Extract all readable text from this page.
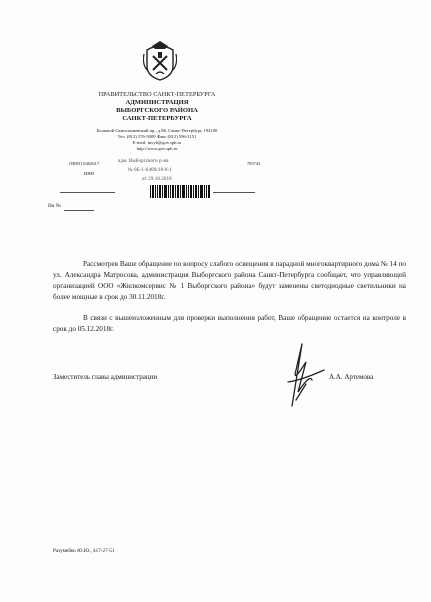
ПРАВИТЕЛЬСТВО САНКТ-ПЕТЕРБУРГА
АДМИНИСТРАЦИЯ
ВЫБОРГСКОГО РАЙОНА
САНКТ-ПЕТЕРБУРГА
Большой Сампсониевский пр., д.86, Санкт-Петербург, 194100
Тел. (812) 576-5009 Факс (812) 596-2151
E-mail: tuvyb@gov.spb.ru
http://www.gov.spb.ru
ОКПО 0402617	783743
ИНН
адм. Выборгского р-на
№ 0Б-1-6400/18-0-1
от 29.10.2018
На №
Рассмотрев Ваше обращение по вопросу слабого освещения в парадной многоквартирного дома № 14 по ул. Александра Матросова, администрация Выборгского района Санкт-Петербурга сообщает, что управляющей организацией ООО «Жилкомсервис № 1 Выборгского района» будут заменены светодиодные светильники на более мощные в срок до 30.11.2018г.
В связи с вышеизложенным для проверки выполнения работ, Ваше обращение остается на контроле в срок до 05.12.2018г.
Заместитель главы администрации	А.А. Артемова
Разумейко Ю.Ю., 417-27-51
